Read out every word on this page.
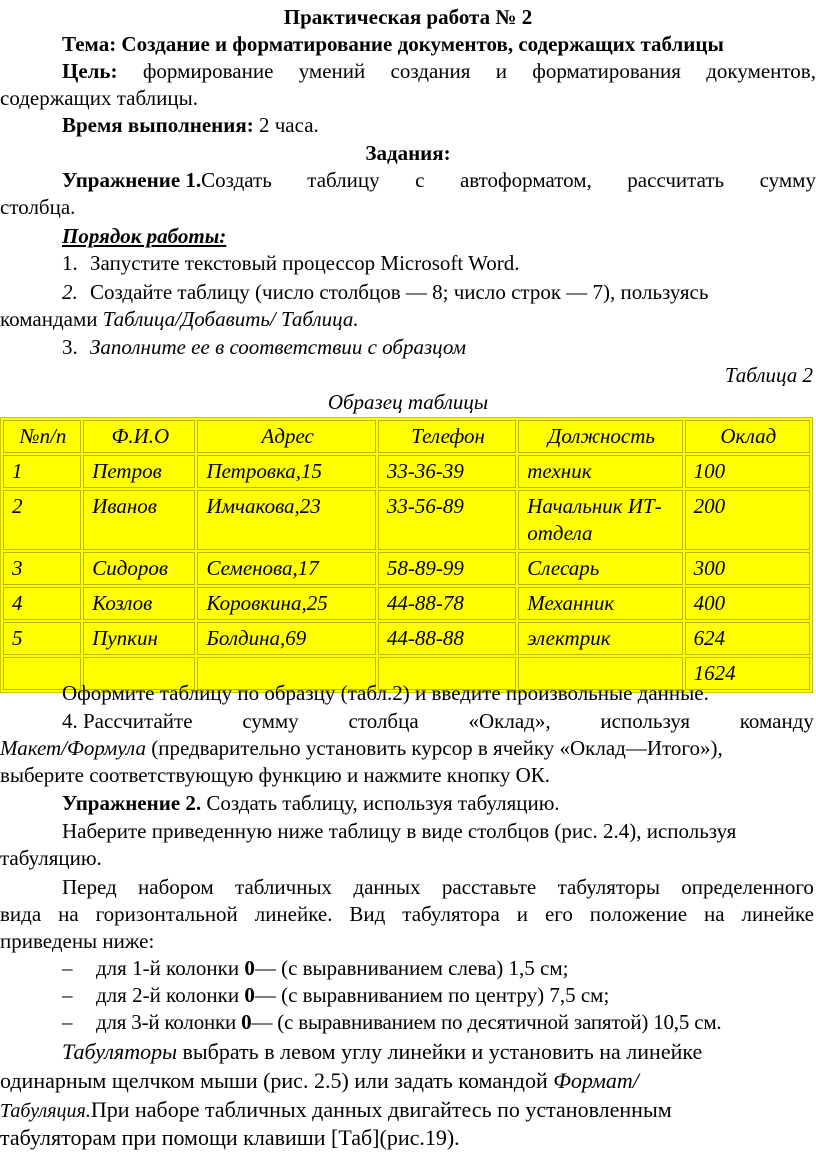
Практическая работа № 2
Тема: Создание и форматирование документов, содержащих таблицы
Цель: формирование умений создания и форматирования документов,
содержащих таблицы.
Время выполнения: 2 часа.
Задания:
Упражнение 1.Создать таблицу с автоформатом, рассчитать сумму
столбца.
Порядок работы:
1. Запустите текстовый процессор Microsoft Word.
2. Создайте таблицу (число столбцов — 8; число строк — 7), пользуясь
командами Таблица/Добавить/ Таблица.
3. Заполните ее в соответствии с образцом
Таблица 2
Образец таблицы
№п/п	Ф.И.О	Адрес	Телефон	Должность	Оклад
1	Петров	Петровка,15	33-36-39	техник	100
2	Иванов	Имчакова,23	33-56-89	Начальник ИТ-отдела	200
3	Сидоров	Семенова,17	58-89-99	Слесарь	300
4	Козлов	Коровкина,25	44-88-78	Механник	400
5	Пупкин	Болдина,69	44-88-88	электрик	624
					1624
Оформите таблицу по образцу (табл.2) и введите произвольные данные.
4. Рассчитайте сумму столбца «Оклад», используя команду
Макет/Формула (предварительно установить курсор в ячейку «Оклад—Итого»),
выберите соответствующую функцию и нажмите кнопку ОК.
Упражнение 2. Создать таблицу, используя табуляцию.
Наберите приведенную ниже таблицу в виде столбцов (рис. 2.4), используя
табуляцию.
Перед набором табличных данных расставьте табуляторы определенного
вида на горизонтальной линейке. Вид табулятора и его положение на линейке
приведены ниже:
– для 1-й колонки 0— (с выравниванием слева) 1,5 см;
– для 2-й колонки 0— (с выравниванием по центру) 7,5 см;
– для 3-й колонки 0— (с выравниванием по десятичной запятой) 10,5 см.
Табуляторы выбрать в левом углу линейки и установить на линейке
одинарным щелчком мыши (рис. 2.5) или задать командой Формат/
Табуляция.При наборе табличных данных двигайтесь по установленным
табуляторам при помощи клавиши [Таб](рис.19).
